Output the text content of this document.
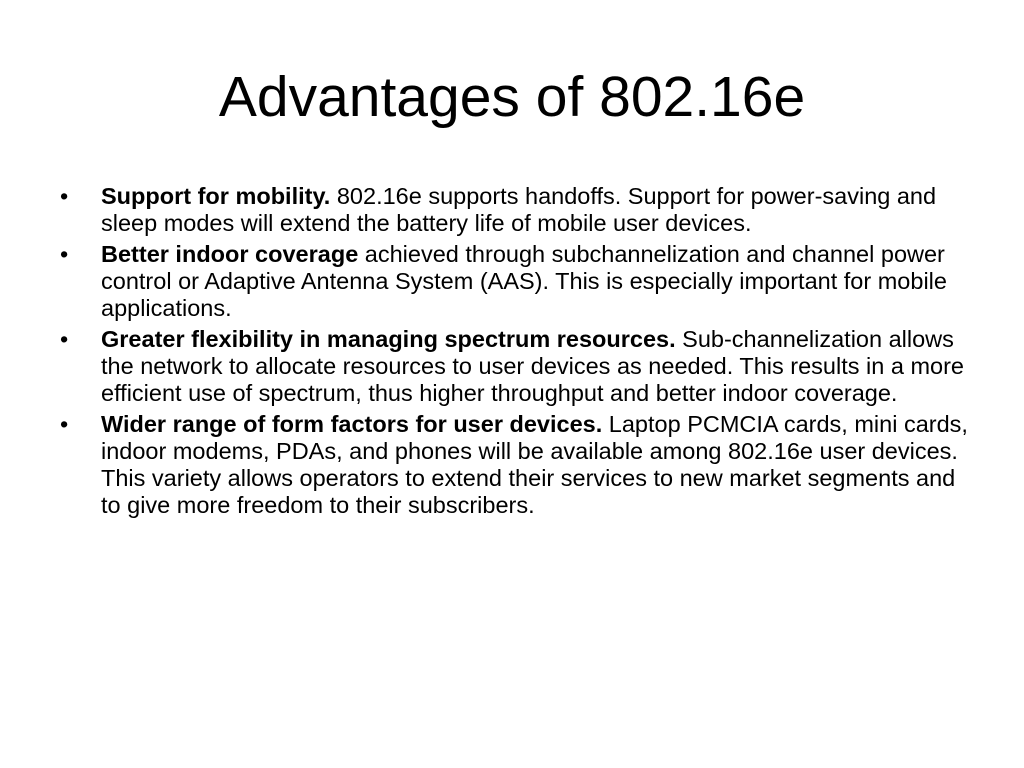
Advantages of 802.16e
•	Support for mobility. 802.16e supports handoffs. Support for power-saving and sleep modes will extend the battery life of mobile user devices.
•	Better indoor coverage achieved through subchannelization and channel power control or Adaptive Antenna System (AAS). This is especially important for mobile applications.
•	Greater flexibility in managing spectrum resources. Sub-channelization allows the network to allocate resources to user devices as needed. This results in a more efficient use of spectrum, thus higher throughput and better indoor coverage.
•	Wider range of form factors for user devices. Laptop PCMCIA cards, mini cards, indoor modems, PDAs, and phones will be available among 802.16e user devices. This variety allows operators to extend their services to new market segments and to give more freedom to their subscribers.
